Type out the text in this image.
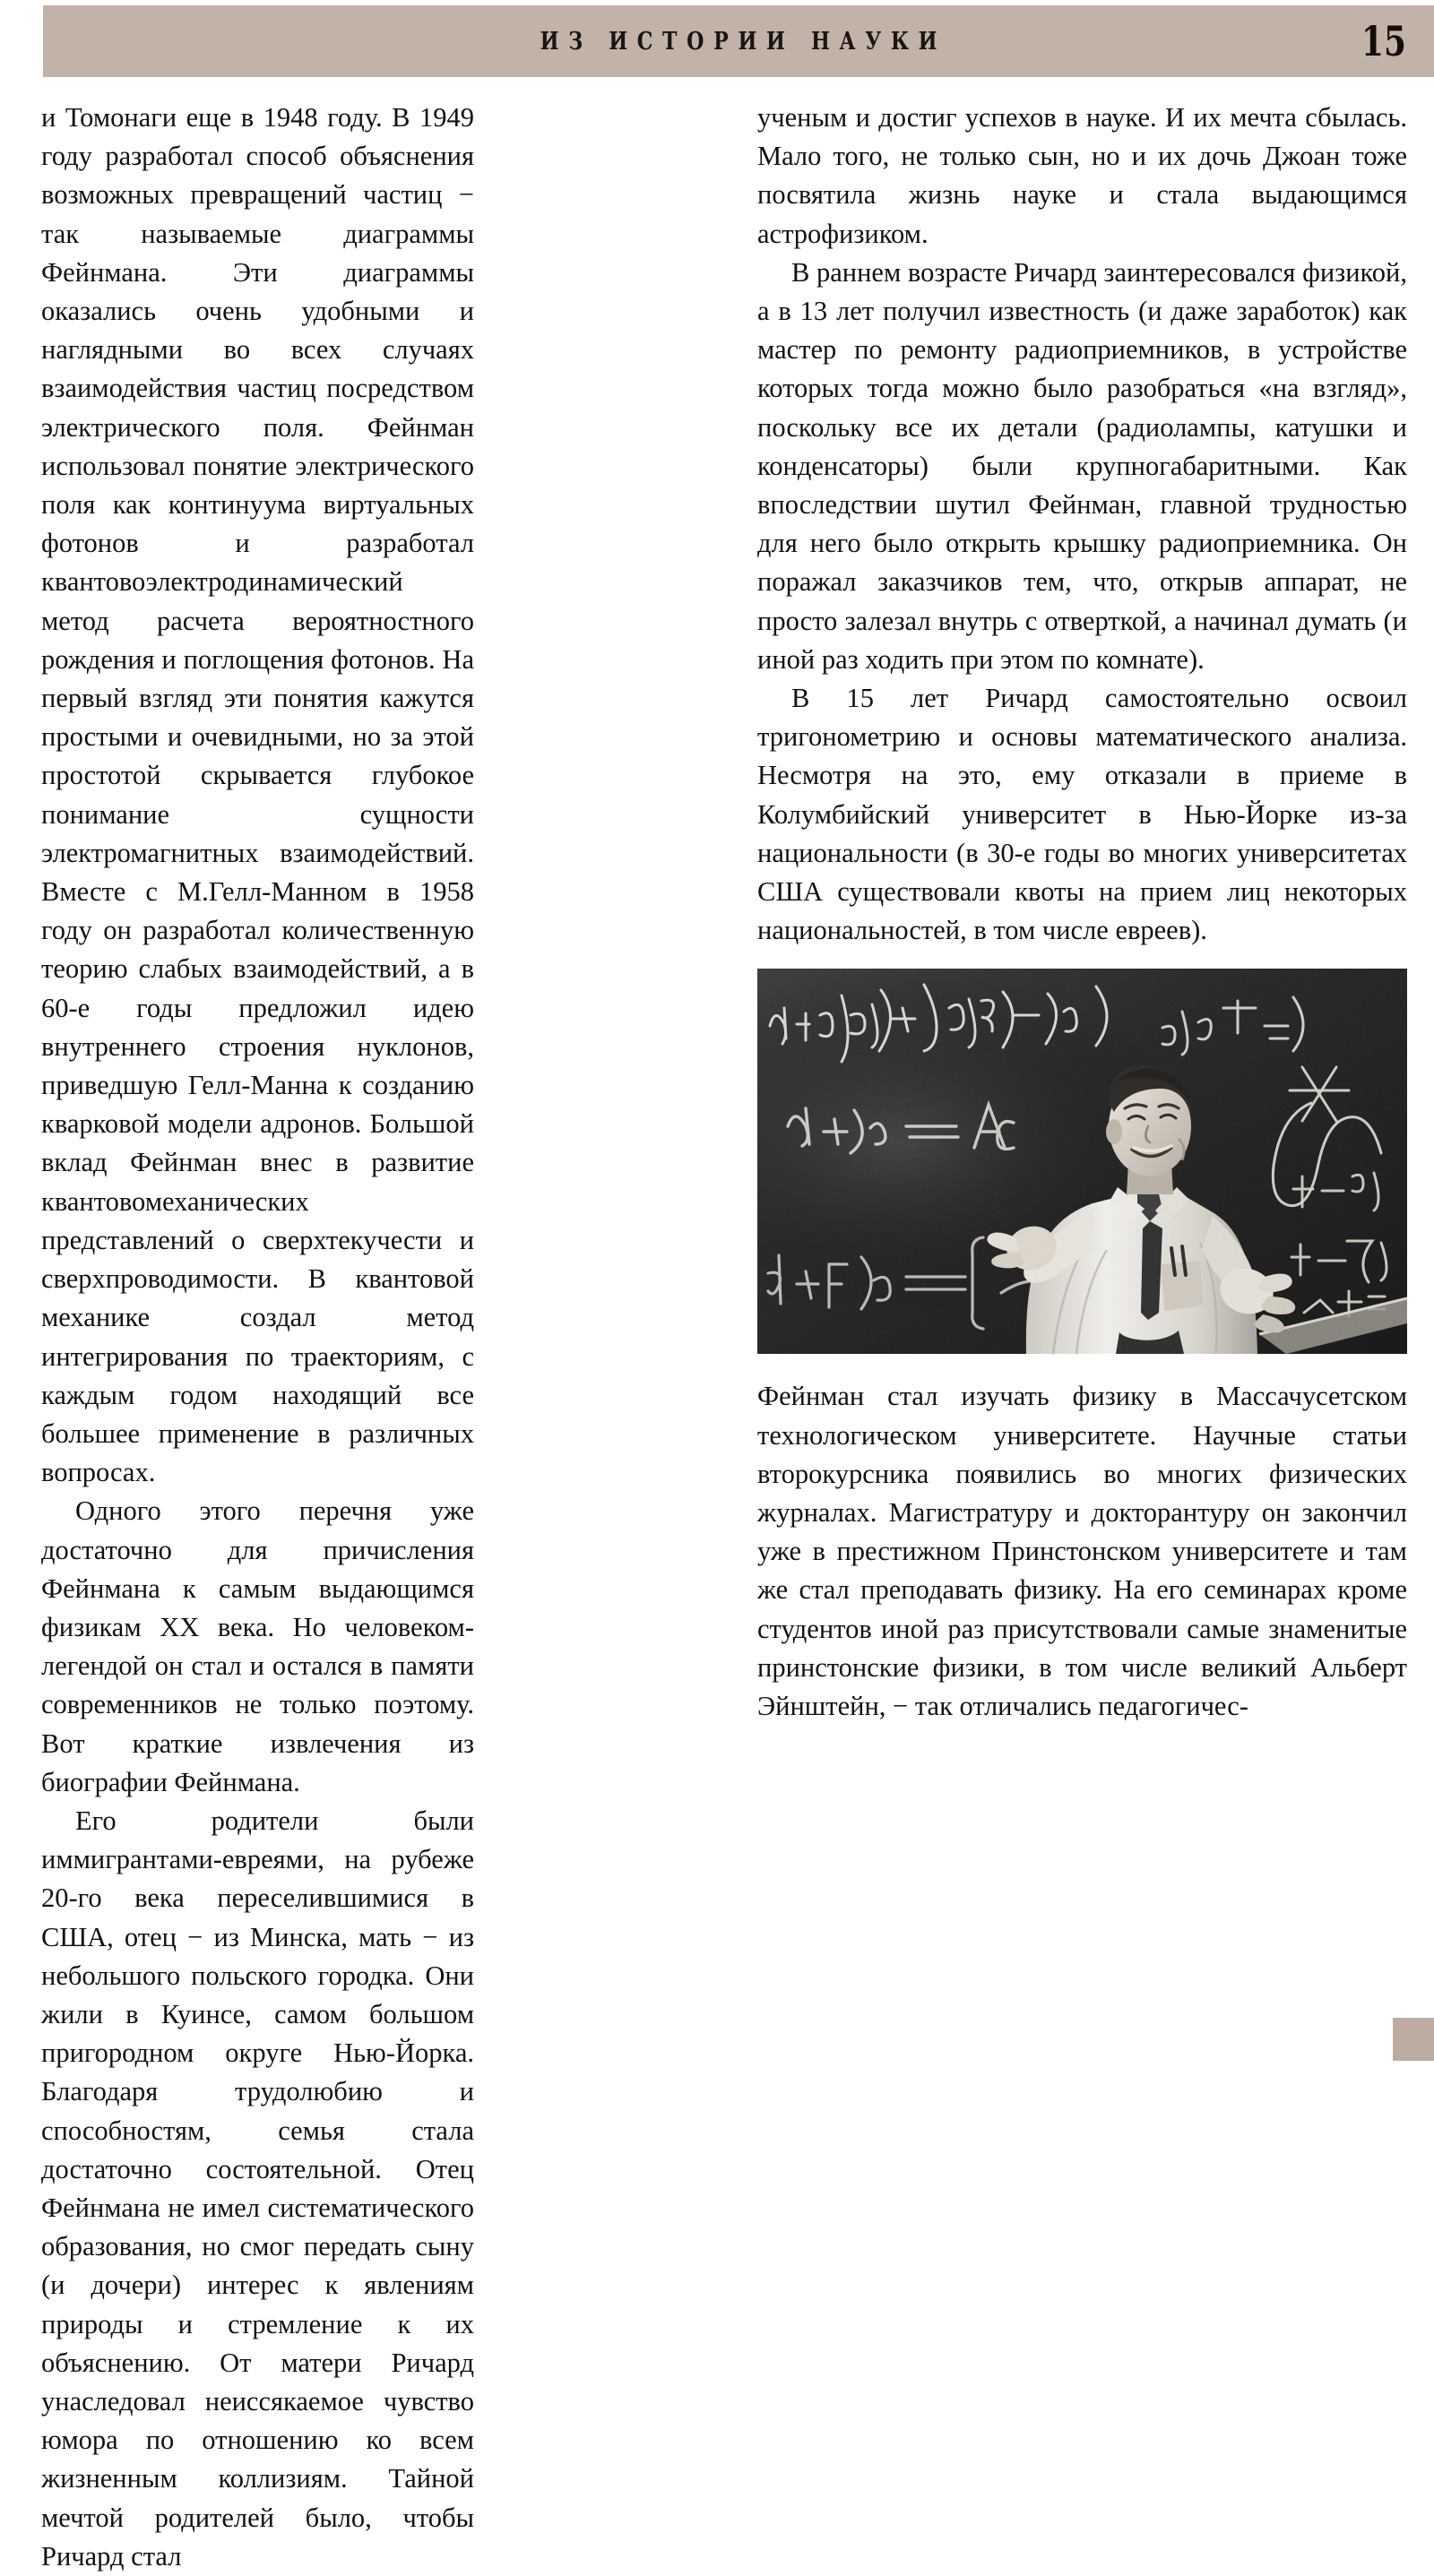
ИЗ ИСТОРИИ НАУКИ	15

и Томонаги еще в 1948 году. В 1949 году разработал способ объяснения возможных превращений частиц − так называемые диаграммы Фейнмана. Эти диаграммы оказались очень удобными и наглядными во всех случаях взаимодействия частиц посредством электрического поля. Фейнман использовал понятие электрического поля как континуума виртуальных фотонов и разработал квантовоэлектродинамический метод расчета вероятностного рождения и поглощения фотонов. На первый взгляд эти понятия кажутся простыми и очевидными, но за этой простотой скрывается глубокое понимание сущности электромагнитных взаимодействий. Вместе с М.Гелл-Манном в 1958 году он разработал количественную теорию слабых взаимодействий, а в 60-е годы предложил идею внутреннего строения нуклонов, приведшую Гелл-Манна к созданию кварковой модели адронов. Большой вклад Фейнман внес в развитие квантовомеханических представлений о сверхтекучести и сверхпроводимости. В квантовой механике создал метод интегрирования по траекториям, с каждым годом находящий все большее применение в различных вопросах.

Одного этого перечня уже достаточно для причисления Фейнмана к самым выдающимся физикам XX века. Но человеком-легендой он стал и остался в памяти современников не только поэтому. Вот краткие извлечения из биографии Фейнмана.

Его родители были иммигрантами-евреями, на рубеже 20-го века переселившимися в США, отец − из Минска, мать − из небольшого польского городка. Они жили в Куинсе, самом большом пригородном округе Нью-Йорка. Благодаря трудолюбию и способностям, семья стала достаточно состоятельной. Отец Фейнмана не имел систематического образования, но смог передать сыну (и дочери) интерес к явлениям природы и стремление к их объяснению. От матери Ричард унаследовал неиссякаемое чувство юмора по отношению ко всем жизненным коллизиям. Тайной мечтой родителей было, чтобы Ричард стал

ученым и достиг успехов в науке. И их мечта сбылась. Мало того, не только сын, но и их дочь Джоан тоже посвятила жизнь науке и стала выдающимся астрофизиком.

В раннем возрасте Ричард заинтересовался физикой, а в 13 лет получил известность (и даже заработок) как мастер по ремонту радиоприемников, в устройстве которых тогда можно было разобраться «на взгляд», поскольку все их детали (радиолампы, катушки и конденсаторы) были крупногабаритными. Как впоследствии шутил Фейнман, главной трудностью для него было открыть крышку радиоприемника. Он поражал заказчиков тем, что, открыв аппарат, не просто залезал внутрь с отверткой, а начинал думать (и иной раз ходить при этом по комнате).

В 15 лет Ричард самостоятельно освоил тригонометрию и основы математического анализа. Несмотря на это, ему отказали в приеме в Колумбийский университет в Нью-Йорке из-за национальности (в 30-е годы во многих университетах США существовали квоты на прием лиц некоторых национальностей, в том числе евреев).

Фейнман стал изучать физику в Массачусетском технологическом университете. Научные статьи второкурсника появились во многих физических журналах. Магистратуру и докторантуру он закончил уже в престижном Принстонском университете и там же стал преподавать физику. На его семинарах кроме студентов иной раз присутствовали самые знаменитые принстонские физики, в том числе великий Альберт Эйнштейн, − так отличались педагогичес-
